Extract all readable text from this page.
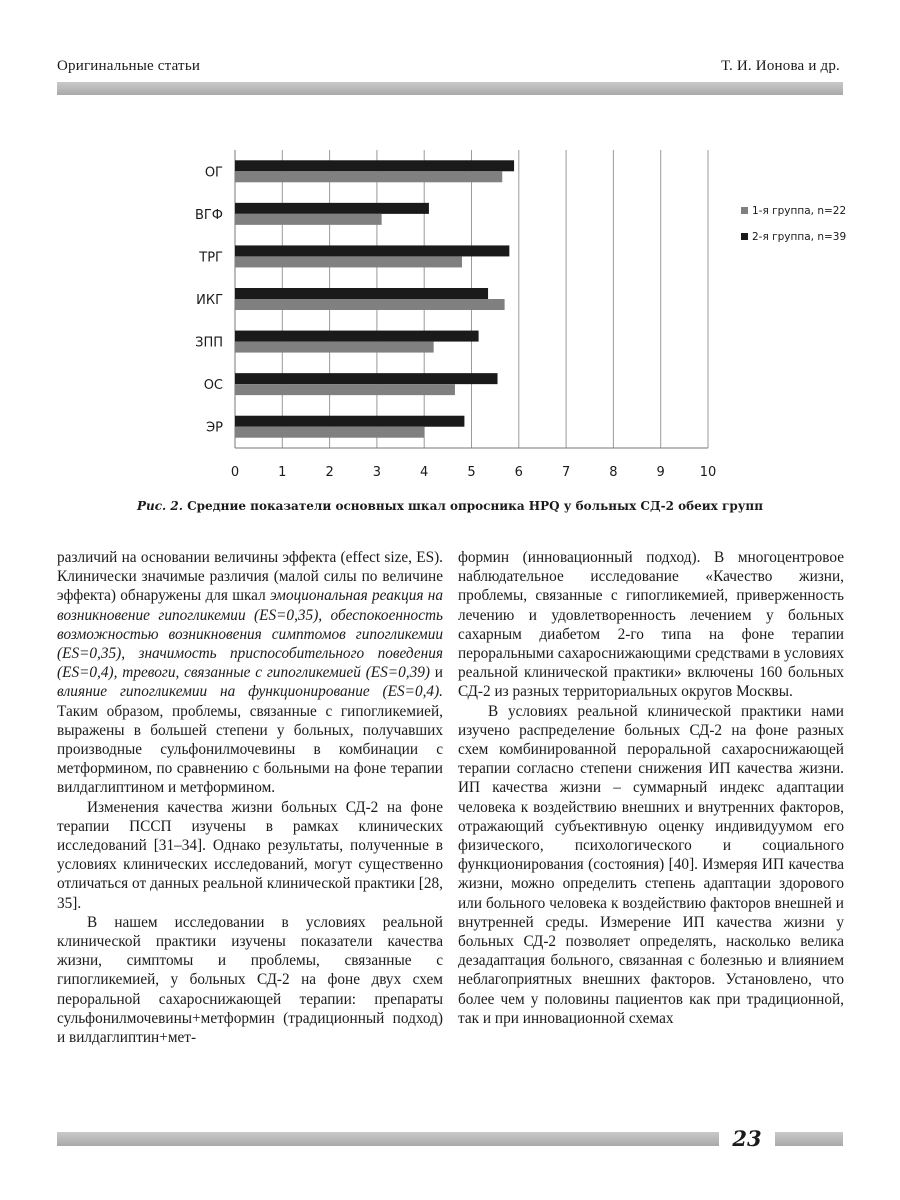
Оригинальные статьи	Т. И. Ионова и др.
0	1	2	3	4	5	6	7	8	9	10
ОГ
ВГФ
ТРГ
ИКГ
ЗПП
ОС
ЭР
1-я группа, n=22
2-я группа, n=39
Рис. 2. Средние показатели основных шкал опросника HPQ у больных СД-2 обеих групп

различий на основании величины эффекта (effect size, ES). Клинически значимые различия (малой силы по величине эффекта) обнаружены для шкал эмоциональная реакция на возникновение гипогликемии (ES=0,35), обеспокоенность возможностью возникновения симптомов гипогликемии (ES=0,35), значимость приспособительного поведения (ES=0,4), тревоги, связанные с гипогликемией (ES=0,39) и влияние гипогликемии на функционирование (ES=0,4). Таким образом, проблемы, связанные с гипогликемией, выражены в большей степени у больных, получавших производные сульфонилмочевины в комбинации с метформином, по сравнению с больными на фоне терапии вилдаглиптином и метформином.

Изменения качества жизни больных СД-2 на фоне терапии ПССП изучены в рамках клинических исследований [31–34]. Однако результаты, полученные в условиях клинических исследований, могут существенно отличаться от данных реальной клинической практики [28, 35].

В нашем исследовании в условиях реальной клинической практики изучены показатели качества жизни, симптомы и проблемы, связанные с гипогликемией, у больных СД-2 на фоне двух схем пероральной сахароснижающей терапии: препараты сульфонилмочевины+метформин (традиционный подход) и вилдаглиптин+мет-

формин (инновационный подход). В многоцентровое наблюдательное исследование «Качество жизни, проблемы, связанные с гипогликемией, приверженность лечению и удовлетворенность лечением у больных сахарным диабетом 2-го типа на фоне терапии пероральными сахароснижающими средствами в условиях реальной клинической практики» включены 160 больных СД-2 из разных территориальных округов Москвы.

В условиях реальной клинической практики нами изучено распределение больных СД-2 на фоне разных схем комбинированной пероральной сахароснижающей терапии согласно степени снижения ИП качества жизни. ИП качества жизни – суммарный индекс адаптации человека к воздействию внешних и внутренних факторов, отражающий субъективную оценку индивидуумом его физического, психологического и социального функционирования (состояния) [40]. Измеряя ИП качества жизни, можно определить степень адаптации здорового или больного человека к воздействию факторов внешней и внутренней среды. Измерение ИП качества жизни у больных СД-2 позволяет определять, насколько велика дезадаптация больного, связанная с болезнью и влиянием неблагоприятных внешних факторов. Установлено, что более чем у половины пациентов как при традиционной, так и при инновационной схемах

23
